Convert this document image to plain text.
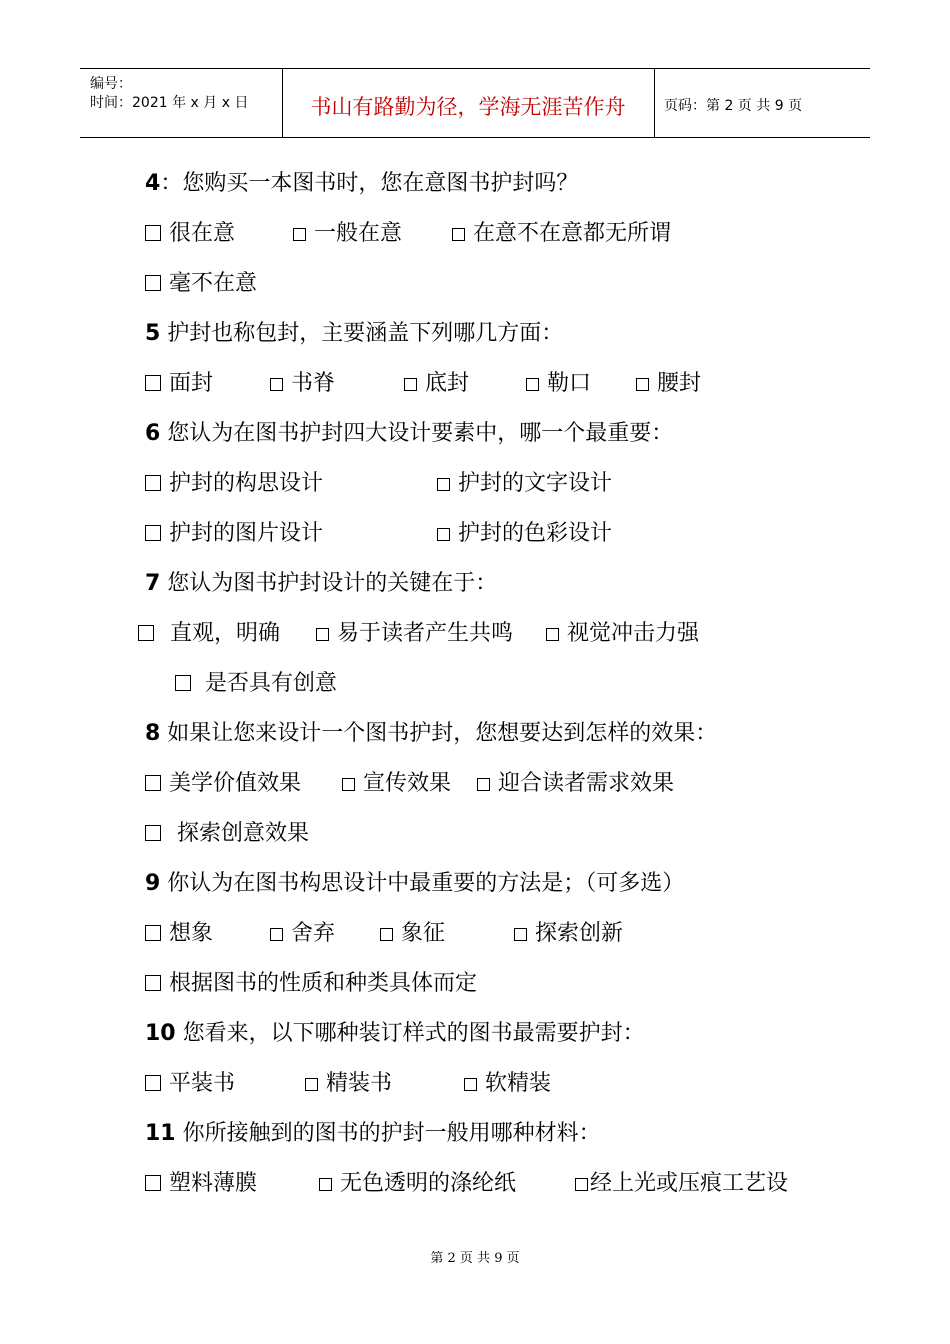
编号：
时间：2021 年 x 月 x 日	书山有路勤为径，学海无涯苦作舟	页码：第 2 页 共 9 页
4：您购买一本图书时，您在意图书护封吗？
很在意	一般在意	在意不在意都无所谓
毫不在意
5 护封也称包封，主要涵盖下列哪几方面：
面封	书脊	底封	勒口	腰封
6 您认为在图书护封四大设计要素中，哪一个最重要：
护封的构思设计	护封的文字设计
护封的图片设计	护封的色彩设计
7 您认为图书护封设计的关键在于：
直观，明确	易于读者产生共鸣	视觉冲击力强
是否具有创意
8 如果让您来设计一个图书护封，您想要达到怎样的效果：
美学价值效果	宣传效果	迎合读者需求效果
探索创意效果
9 你认为在图书构思设计中最重要的方法是；（可多选）
想象	舍弃	象征	探索创新
根据图书的性质和种类具体而定
10 您看来，以下哪种装订样式的图书最需要护封：
平装书	精装书	软精装
11 你所接触到的图书的护封一般用哪种材料：
塑料薄膜	无色透明的涤纶纸	经上光或压痕工艺设
第 2 页 共 9 页
